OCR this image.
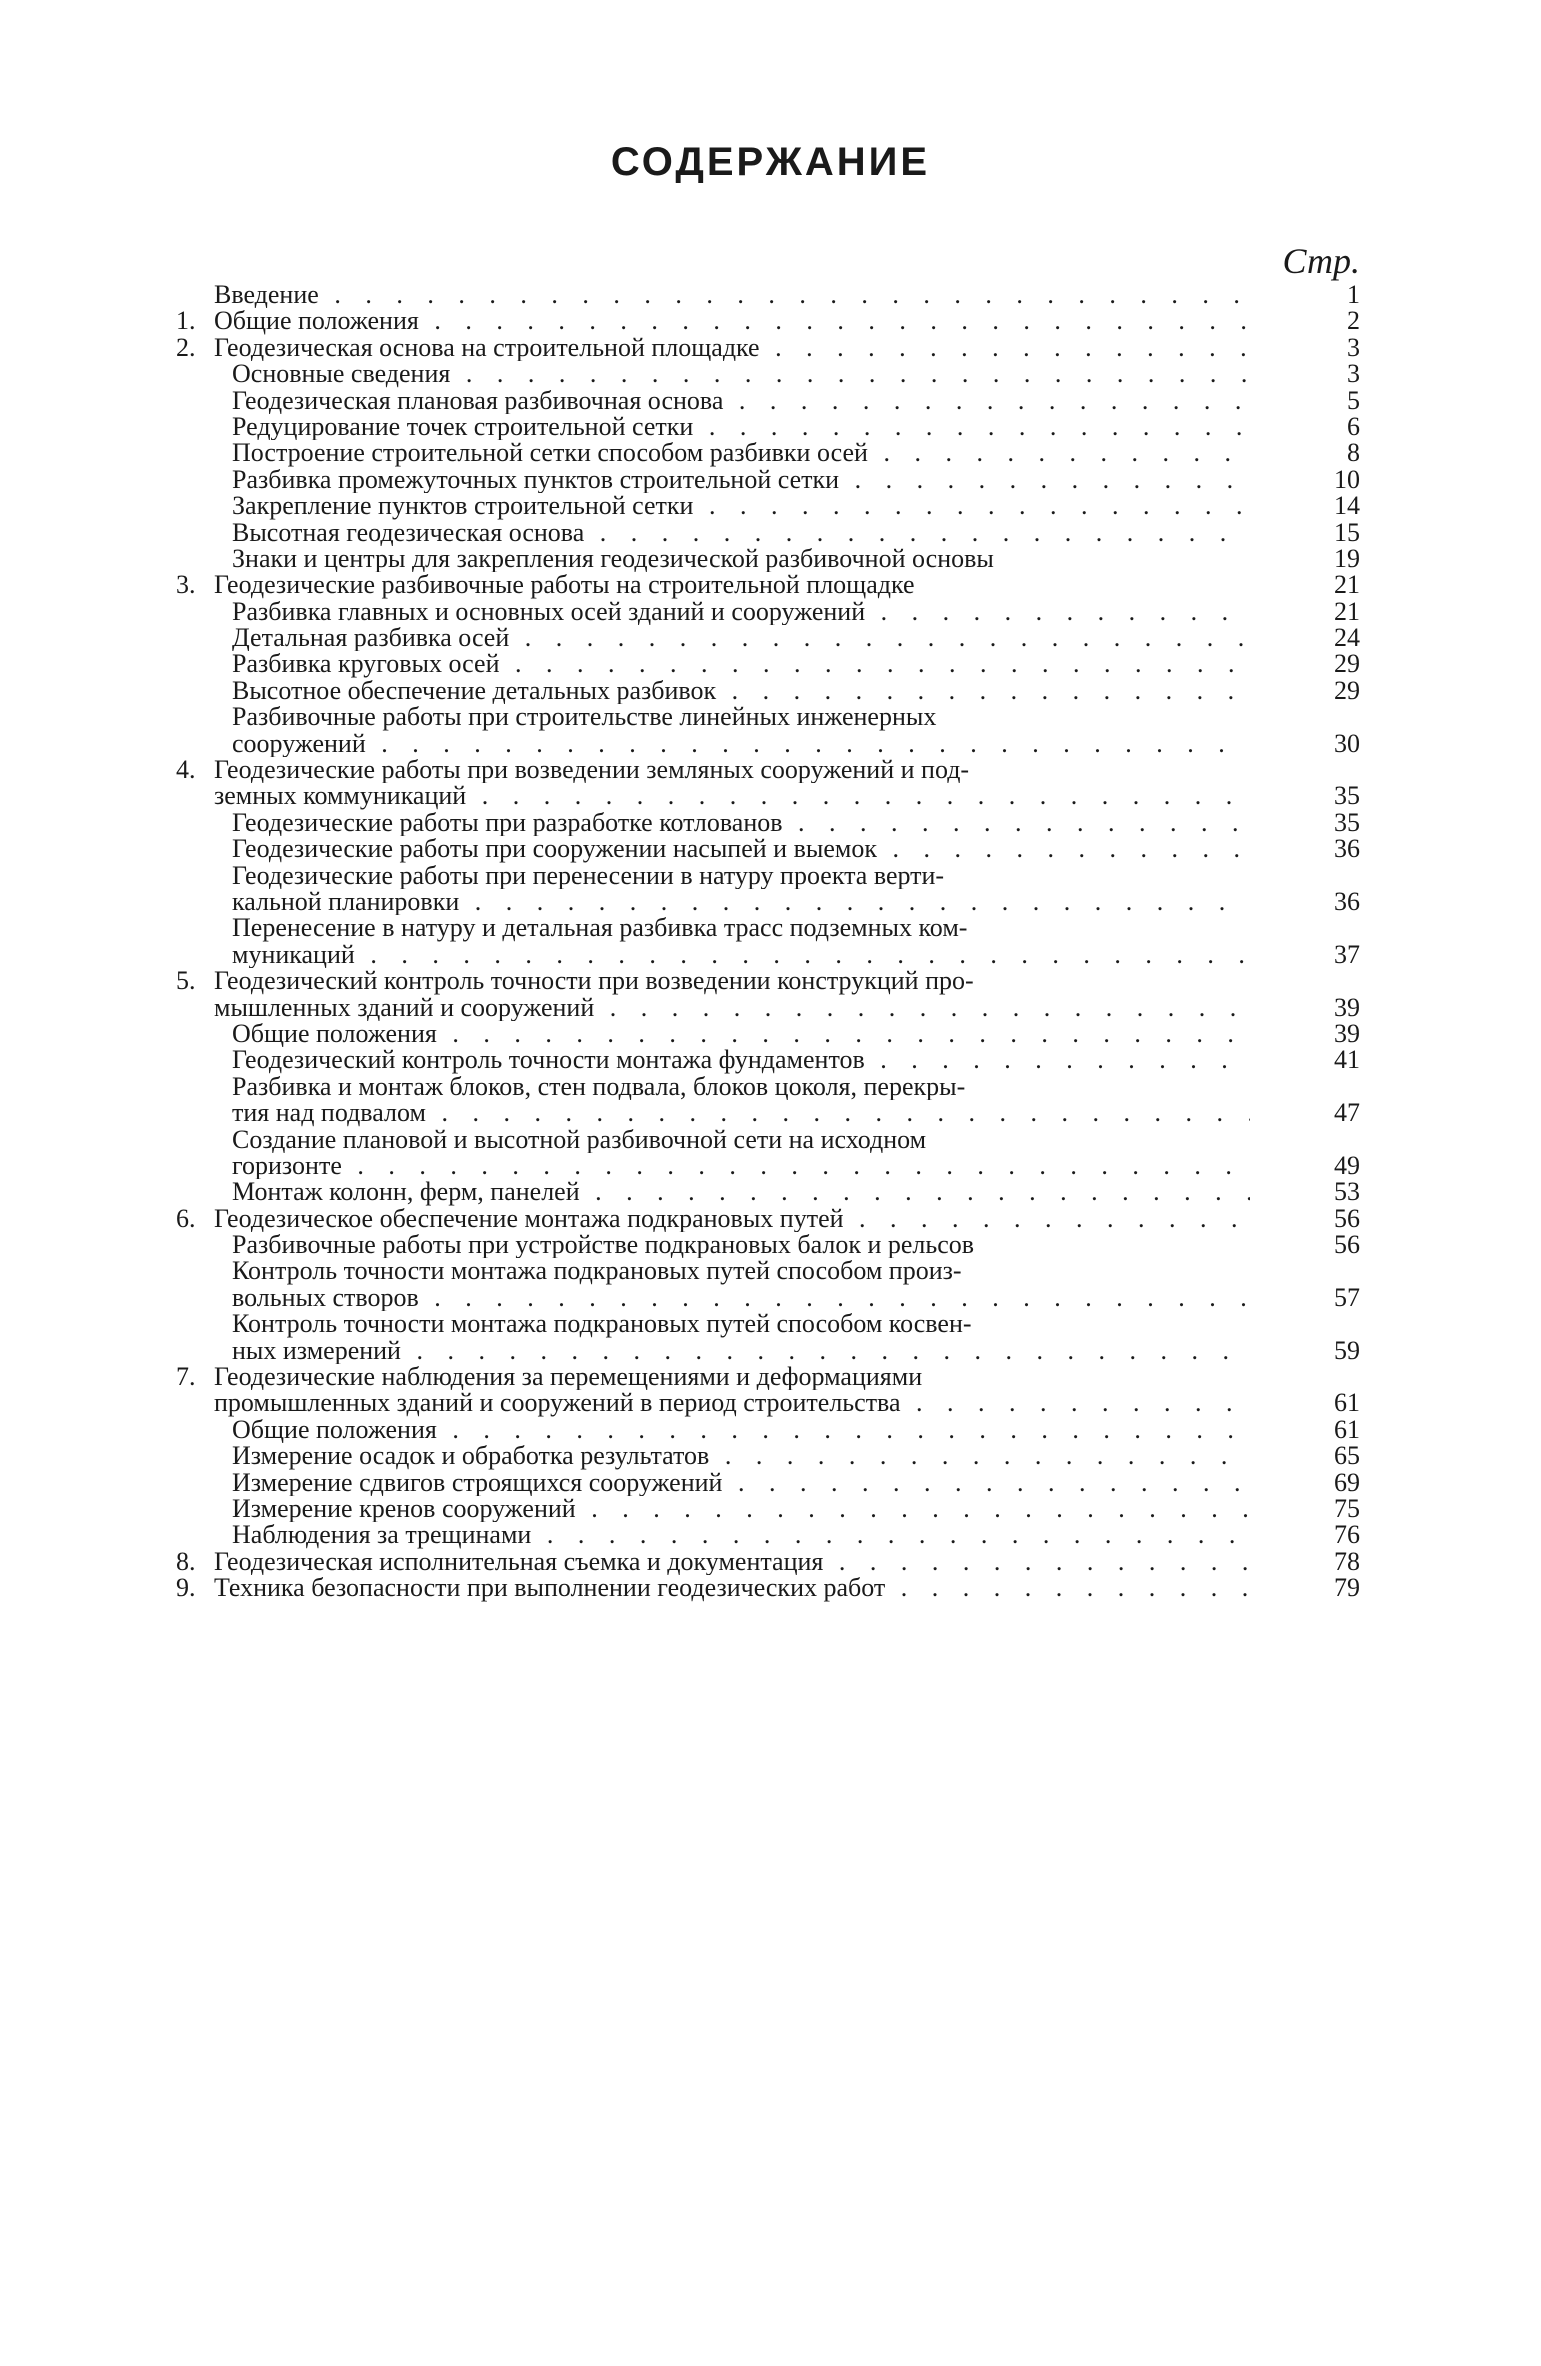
СОДЕРЖАНИЕ
Стр.
Введение . . .	1
1. Общие положения . . .	2
2. Геодезическая основа на строительной площадке . . .	3
Основные сведения . . .	3
Геодезическая плановая разбивочная основа . . .	5
Редуцирование точек строительной сетки . . .	6
Построение строительной сетки способом разбивки осей . . .	8
Разбивка промежуточных пунктов строительной сетки . . .	10
Закрепление пунктов строительной сетки . . .	14
Высотная геодезическая основа . . .	15
Знаки и центры для закрепления геодезической разбивочной основы	19
3. Геодезические разбивочные работы на строительной площадке	21
Разбивка главных и основных осей зданий и сооружений . . .	21
Детальная разбивка осей . . .	24
Разбивка круговых осей . . .	29
Высотное обеспечение детальных разбивок . . .	29
Разбивочные работы при строительстве линейных инженерных
сооружений . . .	30
4. Геодезические работы при возведении земляных сооружений и под-
земных коммуникаций . . .	35
Геодезические работы при разработке котлованов . . .	35
Геодезические работы при сооружении насыпей и выемок . . .	36
Геодезические работы при перенесении в натуру проекта верти-
кальной планировки . . .	36
Перенесение в натуру и детальная разбивка трасс подземных ком-
муникаций . . .	37
5. Геодезический контроль точности при возведении конструкций про-
мышленных зданий и сооружений . . .	39
Общие положения . . .	39
Геодезический контроль точности монтажа фундаментов . . .	41
Разбивка и монтаж блоков, стен подвала, блоков цоколя, перекры-
тия над подвалом . . .	47
Создание плановой и высотной разбивочной сети на исходном
горизонте . . .	49
Монтаж колонн, ферм, панелей . . .	53
6. Геодезическое обеспечение монтажа подкрановых путей . . .	56
Разбивочные работы при устройстве подкрановых балок и рельсов	56
Контроль точности монтажа подкрановых путей способом произ-
вольных створов . . .	57
Контроль точности монтажа подкрановых путей способом косвен-
ных измерений . . .	59
7. Геодезические наблюдения за перемещениями и деформациями
промышленных зданий и сооружений в период строительства . . .	61
Общие положения . . .	61
Измерение осадок и обработка результатов . . .	65
Измерение сдвигов строящихся сооружений . . .	69
Измерение кренов сооружений . . .	75
Наблюдения за трещинами . . .	76
8. Геодезическая исполнительная съемка и документация . . .	78
9. Техника безопасности при выполнении геодезических работ . . .	79
